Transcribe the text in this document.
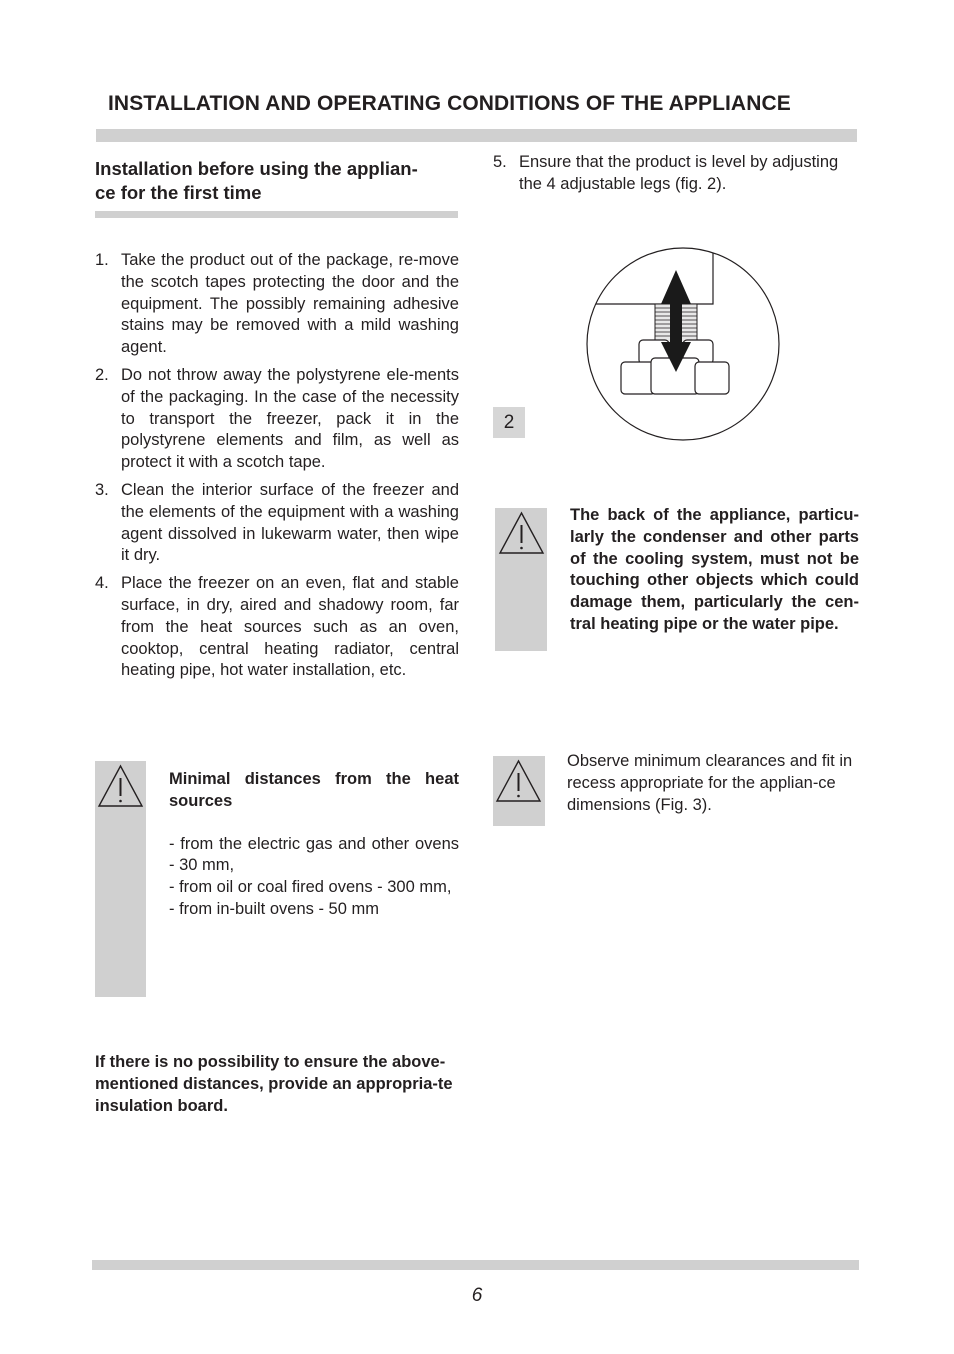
INSTALLATION AND OPERATING CONDITIONS OF THE APPLIANCE
Installation before using the applian-
ce for the first time
1. Take the product out of the package, re-move the scotch tapes protecting the door and the equipment. The possibly remaining adhesive stains may be removed with a mild washing agent.
2. Do not throw away the polystyrene ele-ments of the packaging. In the case of the necessity to transport the freezer, pack it in the polystyrene elements and film, as well as protect it with a scotch tape.
3. Clean the interior surface of the freezer and the elements of the equipment with a washing agent dissolved in lukewarm water, then wipe it dry.
4. Place the freezer on an even, flat and stable surface, in dry, aired and shadowy room, far from the heat sources such as an oven, cooktop, central heating radiator, central heating pipe, hot water installation, etc.
5. Ensure that the product is level by adjusting the 4 adjustable legs (fig. 2).
2
The back of the appliance, particu-larly the condenser and other parts of the cooling system, must not be touching other objects which could damage them, particularly the cen-tral heating pipe or the water pipe.
Minimal distances from the heat sources
- from the electric gas and other ovens - 30 mm,
- from oil or coal fired ovens - 300 mm,
- from in-built ovens - 50 mm
Observe minimum clearances and fit in recess appropriate for the applian-ce dimensions (Fig. 3).
If there is no possibility to ensure the above-mentioned distances, provide an appropria-te insulation board.
6
